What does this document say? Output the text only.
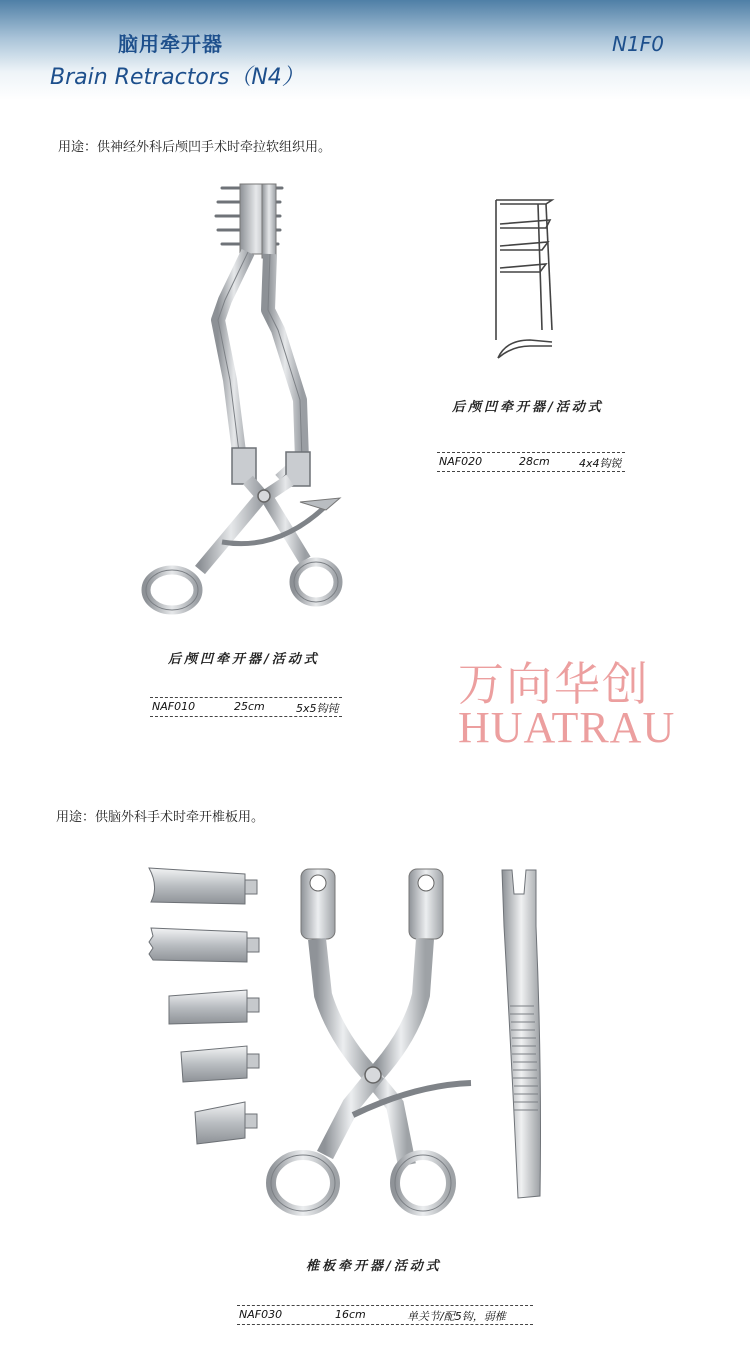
脑用牵开器
Brain Retractors（N4）
N1F0
用途：供神经外科后颅凹手术时牵拉软组织用。
后颅凹牵开器/活动式
NAF020	28cm	4x4钩锐
后颅凹牵开器/活动式
NAF010	25cm	5x5钩钝	万向华创
HUATRAU
用途：供脑外科手术时牵开椎板用。
椎板牵开器/活动式
NAF030	16cm	单关节/配5钩，弱椎
